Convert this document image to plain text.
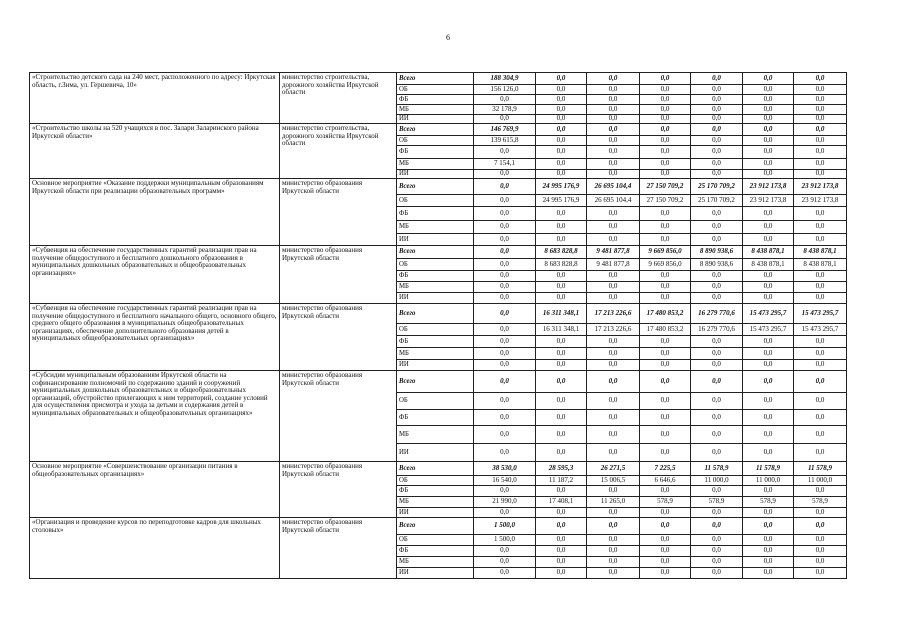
6
«Строительство детского сада на 240 мест, расположенного по адресу: Иркутская область, г.Зима, ул. Гершевича, 10»	министерство строительства, дорожного хозяйства Иркутской области	Всего	188 304,9	0,0	0,0	0,0	0,0	0,0	0,0
		ОБ	156 126,0	0,0	0,0	0,0	0,0	0,0	0,0
		ФБ	0,0	0,0	0,0	0,0	0,0	0,0	0,0
		МБ	32 178,9	0,0	0,0	0,0	0,0	0,0	0,0
		ИИ	0,0	0,0	0,0	0,0	0,0	0,0	0,0
«Строительство школы на 520 учащихся в пос. Залари Заларинского района Иркутской области»	министерство строительства, дорожного хозяйства Иркутской области	Всего	146 769,9	0,0	0,0	0,0	0,0	0,0	0,0
		ОБ	139 615,8	0,0	0,0	0,0	0,0	0,0	0,0
		ФБ	0,0	0,0	0,0	0,0	0,0	0,0	0,0
		МБ	7 154,1	0,0	0,0	0,0	0,0	0,0	0,0
		ИИ	0,0	0,0	0,0	0,0	0,0	0,0	0,0
Основное мероприятие «Оказание поддержки муниципальным образованиям Иркутской области при реализации образовательных программ»	министерство образования Иркутской области	Всего	0,0	24 995 176,9	26 695 104,4	27 150 709,2	25 170 709,2	23 912 173,8	23 912 173,8
		ОБ	0,0	24 995 176,9	26 695 104,4	27 150 709,2	25 170 709,2	23 912 173,8	23 912 173,8
		ФБ	0,0	0,0	0,0	0,0	0,0	0,0	0,0
		МБ	0,0	0,0	0,0	0,0	0,0	0,0	0,0
		ИИ	0,0	0,0	0,0	0,0	0,0	0,0	0,0
«Субвенция на обеспечение государственных гарантий реализации прав на получение общедоступного и бесплатного дошкольного образования в муниципальных дошкольных образовательных и общеобразовательных организациях»	министерство образования Иркутской области	Всего	0,0	8 683 828,8	9 481 877,8	9 669 856,0	8 890 938,6	8 438 878,1	8 438 878,1
		ОБ	0,0	8 683 828,8	9 481 877,8	9 669 856,0	8 890 938,6	8 438 878,1	8 438 878,1
		ФБ	0,0	0,0	0,0	0,0	0,0	0,0	0,0
		МБ	0,0	0,0	0,0	0,0	0,0	0,0	0,0
		ИИ	0,0	0,0	0,0	0,0	0,0	0,0	0,0
«Субвенция на обеспечение государственных гарантий реализации прав на получение общедоступного и бесплатного начального общего, основного общего, среднего общего образования в муниципальных общеобразовательных организациях, обеспечение дополнительного образования детей в муниципальных общеобразовательных организациях»	министерство образования Иркутской области	Всего	0,0	16 311 348,1	17 213 226,6	17 480 853,2	16 279 770,6	15 473 295,7	15 473 295,7
		ОБ	0,0	16 311 348,1	17 213 226,6	17 480 853,2	16 279 770,6	15 473 295,7	15 473 295,7
		ФБ	0,0	0,0	0,0	0,0	0,0	0,0	0,0
		МБ	0,0	0,0	0,0	0,0	0,0	0,0	0,0
		ИИ	0,0	0,0	0,0	0,0	0,0	0,0	0,0
«Субсидии муниципальным образованиям Иркутской области на софинансирование полномочий по содержанию зданий и сооружений муниципальных дошкольных образовательных и общеобразовательных организаций, обустройство прилегающих к ним территорий, создание условий для осуществления присмотра и ухода за детьми и содержания детей в муниципальных образовательных и общеобразовательных организациях»	министерство образования Иркутской области	Всего	0,0	0,0	0,0	0,0	0,0	0,0	0,0
		ОБ	0,0	0,0	0,0	0,0	0,0	0,0	0,0
		ФБ	0,0	0,0	0,0	0,0	0,0	0,0	0,0
		МБ	0,0	0,0	0,0	0,0	0,0	0,0	0,0
		ИИ	0,0	0,0	0,0	0,0	0,0	0,0	0,0
Основное мероприятие «Совершенствование организации питания в общеобразовательных организациях»	министерство образования Иркутской области	Всего	38 530,0	28 595,3	26 271,5	7 225,5	11 578,9	11 578,9	11 578,9
		ОБ	16 540,0	11 187,2	15 006,5	6 646,6	11 000,0	11 000,0	11 000,0
		ФБ	0,0	0,0	0,0	0,0	0,0	0,0	0,0
		МБ	21 990,0	17 408,1	11 265,0	578,9	578,9	578,9	578,9
		ИИ	0,0	0,0	0,0	0,0	0,0	0,0	0,0
«Организация и проведение курсов по переподготовке кадров для школьных столовых»	министерство образования Иркутской области	Всего	1 500,0	0,0	0,0	0,0	0,0	0,0	0,0
		ОБ	1 500,0	0,0	0,0	0,0	0,0	0,0	0,0
		ФБ	0,0	0,0	0,0	0,0	0,0	0,0	0,0
		МБ	0,0	0,0	0,0	0,0	0,0	0,0	0,0
		ИИ	0,0	0,0	0,0	0,0	0,0	0,0	0,0
